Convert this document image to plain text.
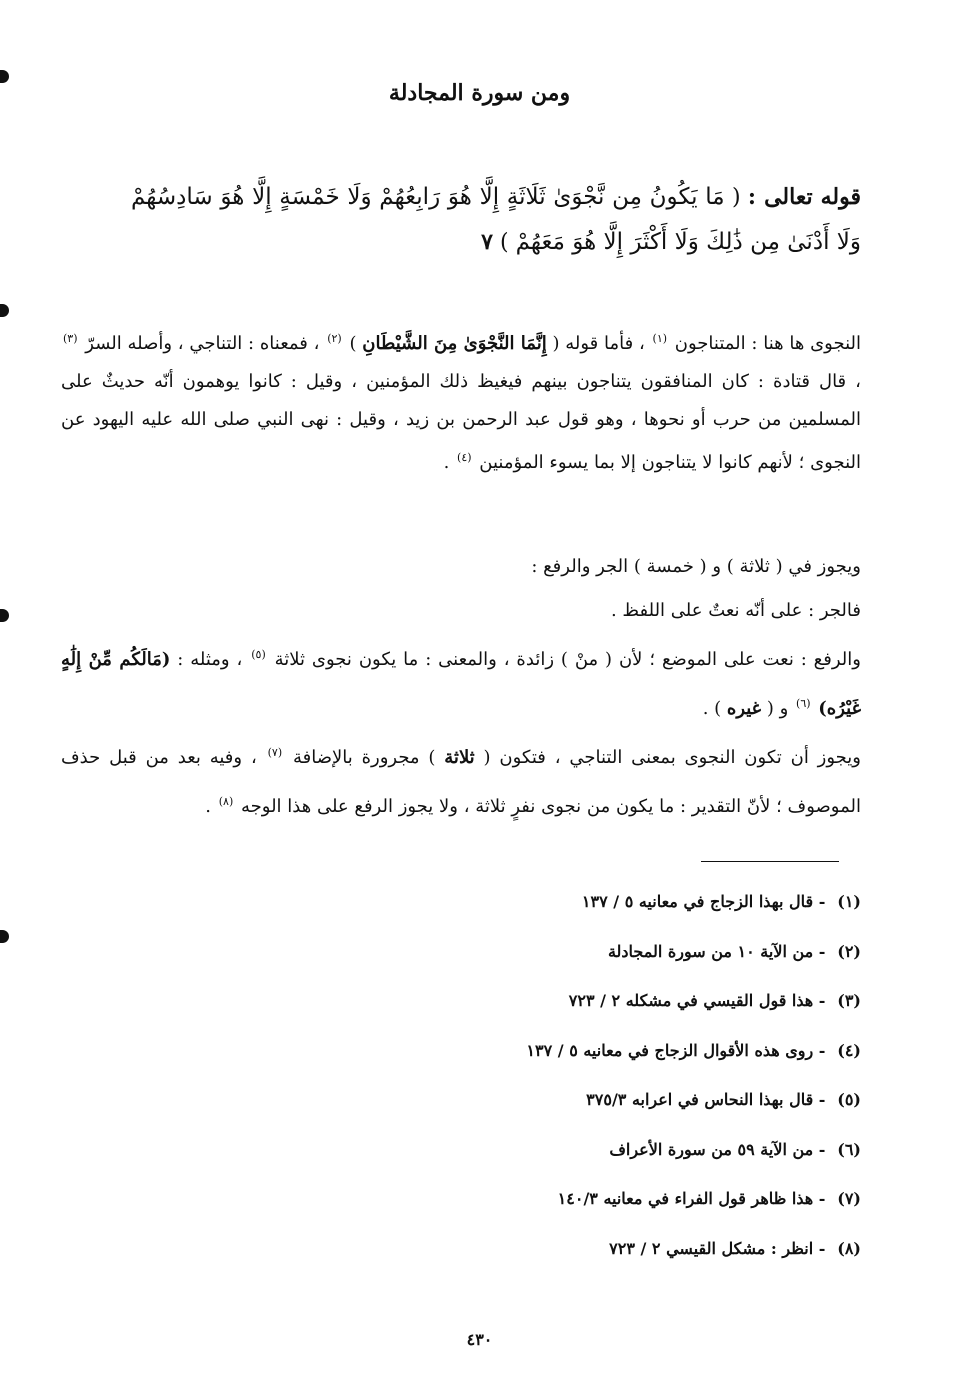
ومن سورة المجادلة
قوله تعالى : ( مَا يَكُونُ مِن نَّجْوَىٰ ثَلَاثَةٍ إِلَّا هُوَ رَابِعُهُمْ وَلَا خَمْسَةٍ إِلَّا هُوَ سَادِسُهُمْ وَلَا أَدْنَىٰ مِن ذَٰلِكَ وَلَا أَكْثَرَ إِلَّا هُوَ مَعَهُمْ ) ٧
النجوى ها هنا : المتناجون $^{(١)}$ ، فأما قوله ( إِنَّمَا النَّجْوَىٰ مِنَ الشَّيْطَانِ ) $^{(٢)}$ ، فمعناه : التناجي ، وأصله السرّ $^{(٣)}$ ، قال قتادة : كان المنافقون يتناجون بينهم فيغيظ ذلك المؤمنين ، وقيل : كانوا يوهمون أنّه حديثٌ على المسلمين من حرب أو نحوها ، وهو قول عبد الرحمن بن زيد ، وقيل : نهى النبي صلى الله عليه اليهود عن النجوى ؛ لأنهم كانوا لا يتناجون إلا بما يسوء المؤمنين $^{(٤)}$ .
ويجوز في ( ثلاثة ) و ( خمسة ) الجر والرفع :
فالجر : على أنّه نعتٌ على اللفظ .
والرفع : نعت على الموضع ؛ لأن ( منْ ) زائدة ، والمعنى : ما يكون نجوى ثلاثة $^{(٥)}$ ، ومثله : (مَالَكُم مِّنْ إِلَٰهٍ غَيْرُه) $^{(٦)}$ و ( غيره ) .
ويجوز أن تكون النجوى بمعنى التناجي ، فتكون ( ثلاثة ) مجرورة بالإضافة $^{(٧)}$ ، وفيه بعد من قبل حذف الموصوف ؛ لأنّ التقدير : ما يكون من نجوى نفرٍ ثلاثة ، ولا يجوز الرفع على هذا الوجه $^{(٨)}$ .
(١) - قال بهذا الزجاج في معانيه ٥ / ١٣٧
(٢) - من الآية ١٠ من سورة المجادلة
(٣) - هذا قول القيسي في مشكله ٢ / ٧٢٣
(٤) - روى هذه الأقوال الزجاج في معانيه ٥ / ١٣٧
(٥) - قال بهذا النحاس في اعرابه ٣٧٥/٣
(٦) - من الآية ٥٩ من سورة الأعراف
(٧) - هذا ظاهر قول الفراء في معانيه ١٤٠/٣
(٨) - انظر : مشكل القيسي ٢ / ٧٢٣
٤٣٠
